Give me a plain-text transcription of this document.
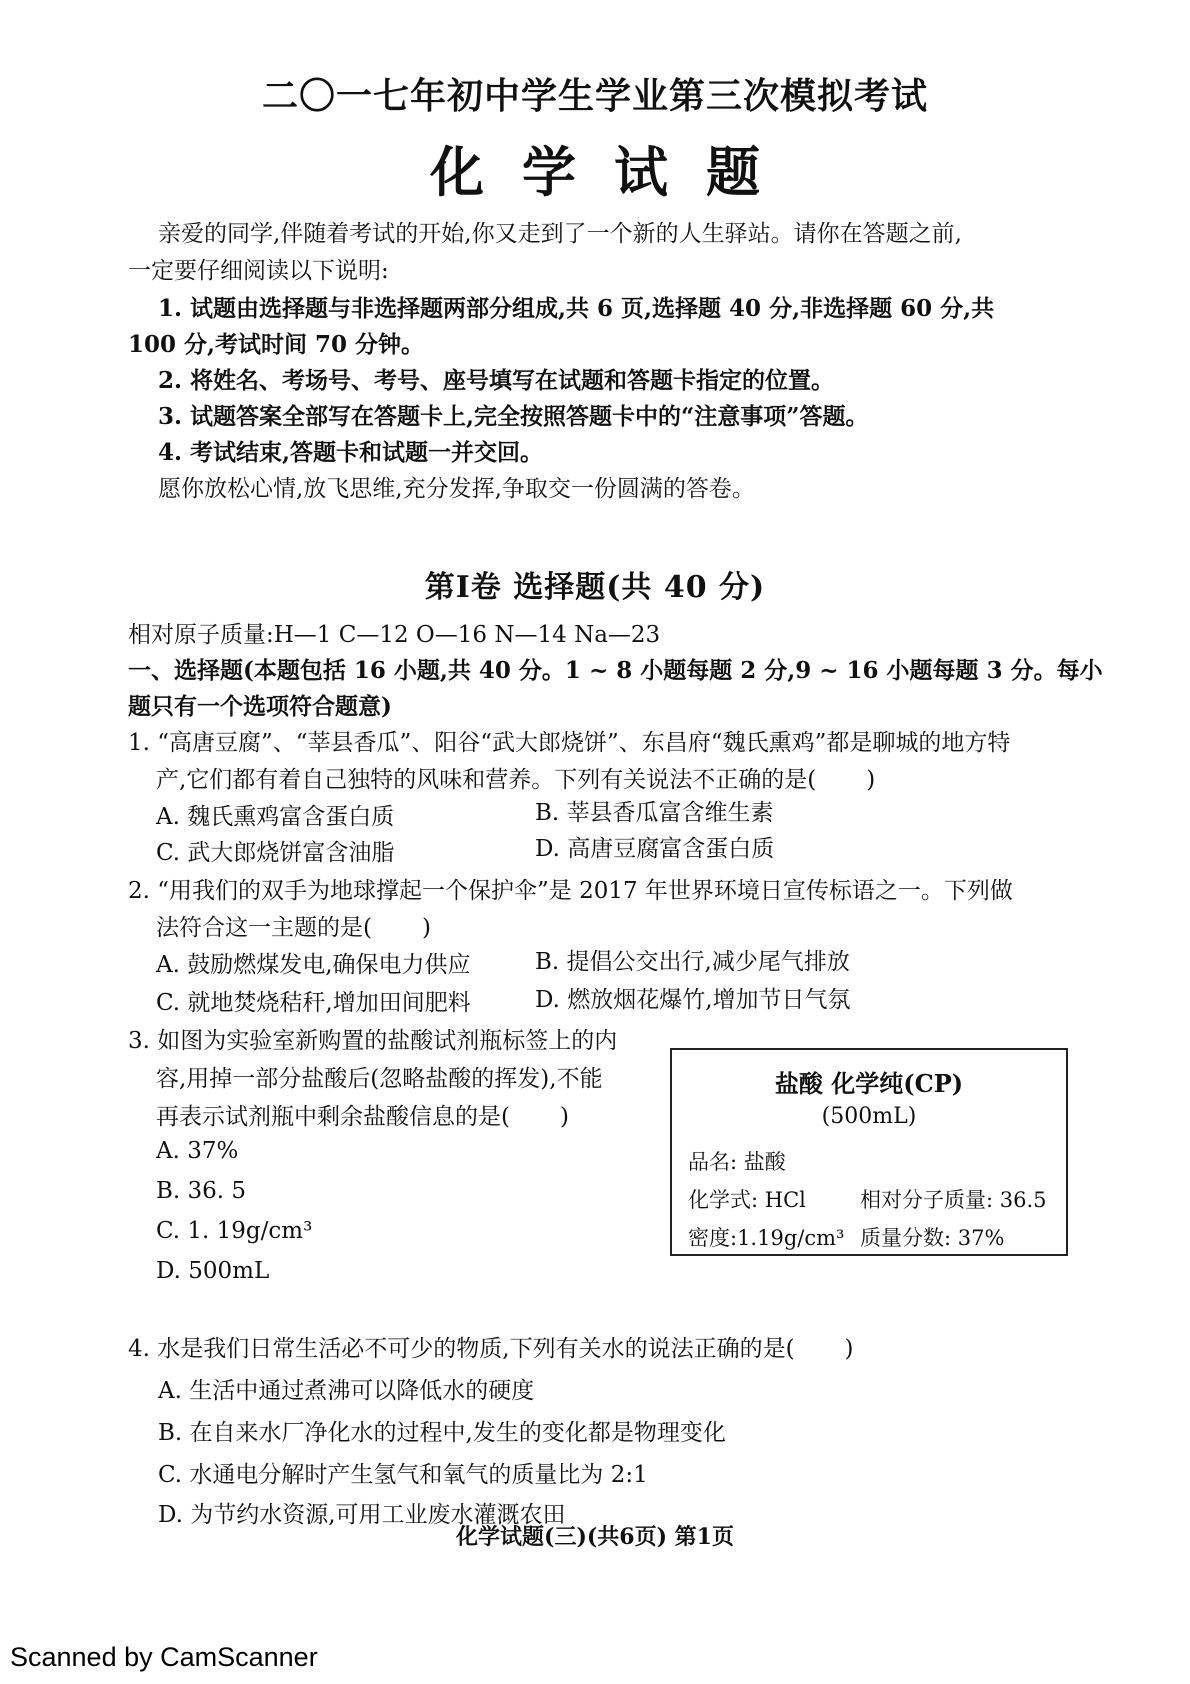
二〇一七年初中学生学业第三次模拟考试
化学试题
亲爱的同学,伴随着考试的开始,你又走到了一个新的人生驿站。请你在答题之前,
一定要仔细阅读以下说明:
1. 试题由选择题与非选择题两部分组成,共 6 页,选择题 40 分,非选择题 60 分,共
100 分,考试时间 70 分钟。
2. 将姓名、考场号、考号、座号填写在试题和答题卡指定的位置。
3. 试题答案全部写在答题卡上,完全按照答题卡中的“注意事项”答题。
4. 考试结束,答题卡和试题一并交回。
愿你放松心情,放飞思维,充分发挥,争取交一份圆满的答卷。
第Ⅰ卷 选择题(共 40 分)
相对原子质量:H—1 C—12 O—16 N—14 Na—23
一、选择题(本题包括 16 小题,共 40 分。1 ~ 8 小题每题 2 分,9 ~ 16 小题每题 3 分。每小
题只有一个选项符合题意)
1. “高唐豆腐”、“莘县香瓜”、阳谷“武大郎烧饼”、东昌府“魏氏熏鸡”都是聊城的地方特
产,它们都有着自己独特的风味和营养。下列有关说法不正确的是( )
A. 魏氏熏鸡富含蛋白质	B. 莘县香瓜富含维生素
C. 武大郎烧饼富含油脂	D. 高唐豆腐富含蛋白质
2. “用我们的双手为地球撑起一个保护伞”是 2017 年世界环境日宣传标语之一。下列做
法符合这一主题的是( )
A. 鼓励燃煤发电,确保电力供应	B. 提倡公交出行,减少尾气排放
C. 就地焚烧秸秆,增加田间肥料	D. 燃放烟花爆竹,增加节日气氛
3. 如图为实验室新购置的盐酸试剂瓶标签上的内
容,用掉一部分盐酸后(忽略盐酸的挥发),不能
再表示试剂瓶中剩余盐酸信息的是( )
A. 37%
B. 36. 5
C. 1. 19g/cm³
D. 500mL
盐酸 化学纯(CP)
(500mL)
品名: 盐酸
化学式: HCl	相对分子质量: 36.5
密度:1.19g/cm³ 质量分数: 37%
4. 水是我们日常生活必不可少的物质,下列有关水的说法正确的是( )
A. 生活中通过煮沸可以降低水的硬度
B. 在自来水厂净化水的过程中,发生的变化都是物理变化
C. 水通电分解时产生氢气和氧气的质量比为 2:1
D. 为节约水资源,可用工业废水灌溉农田
化学试题(三)(共6页) 第1页
Scanned by CamScanner
